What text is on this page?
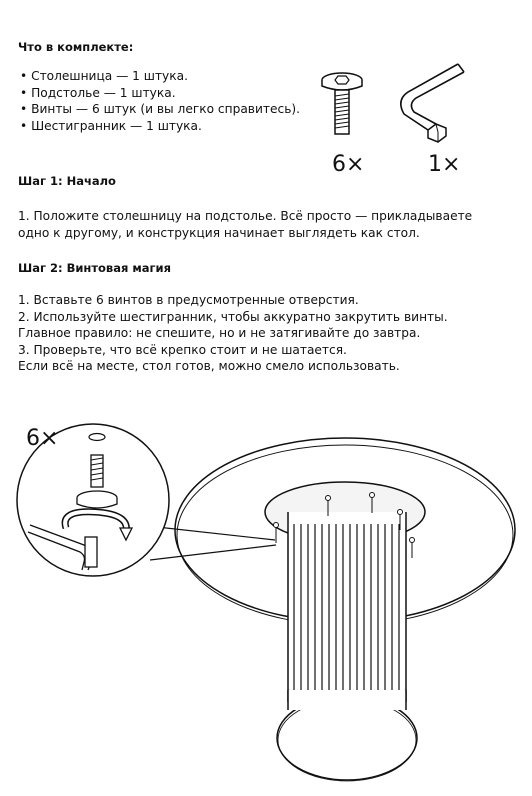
Что в комплекте:
• Столешница — 1 штука.
• Подстолье — 1 штука.
• Винты — 6 штук (и вы легко справитесь).
• Шестигранник — 1 штука.
6×	1×
Шаг 1: Начало
1. Положите столешницу на подстолье. Всё просто — прикладываете
одно к другому, и конструкция начинает выглядеть как стол.
Шаг 2: Винтовая магия
1. Вставьте 6 винтов в предусмотренные отверстия.
2. Используйте шестигранник, чтобы аккуратно закрутить винты.
Главное правило: не спешите, но и не затягивайте до завтра.
3. Проверьте, что всё крепко стоит и не шатается.
Если всё на месте, стол готов, можно смело использовать.
6×
